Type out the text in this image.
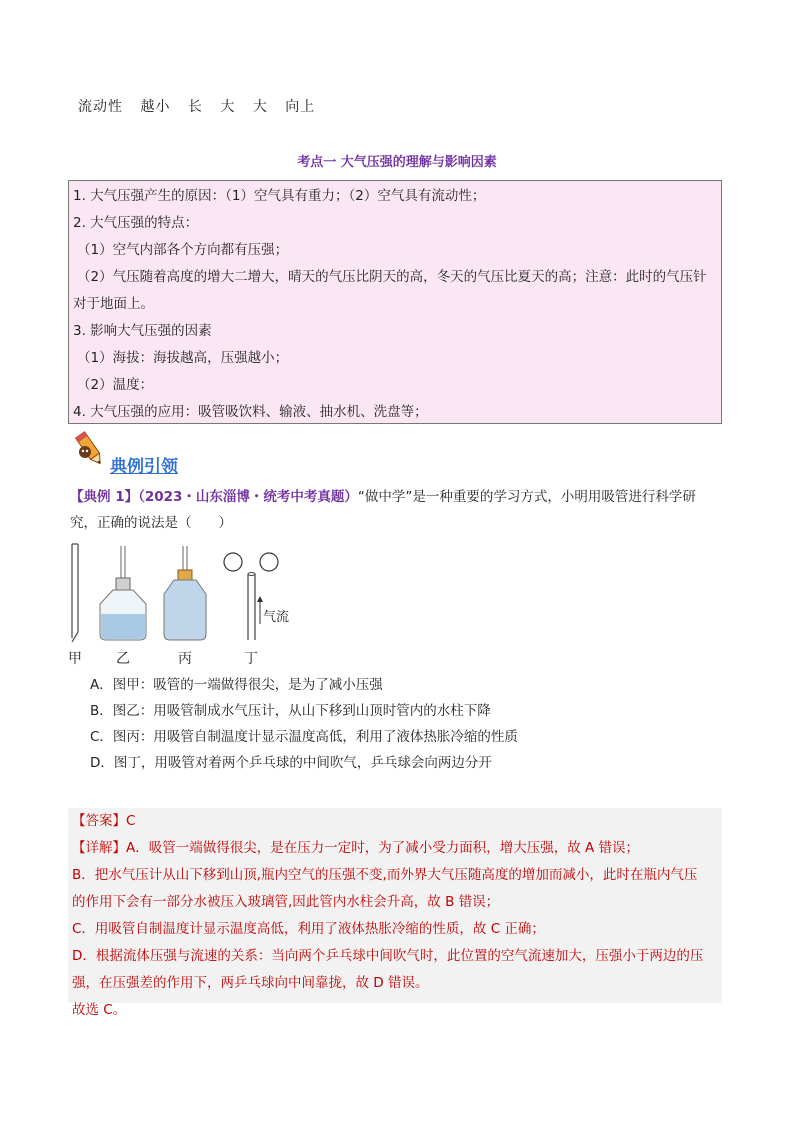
流动性 越小 长 大 大 向上
考点一 大气压强的理解与影响因素

1. 大气压强产生的原因：（1）空气具有重力；（2）空气具有流动性；

2. 大气压强的特点：

（1）空气内部各个方向都有压强；

（2）气压随着高度的增大二增大，晴天的气压比阴天的高，冬天的气压比夏天的高；注意：此时的气压针

对于地面上。

3. 影响大气压强的因素

（1）海拔：海拔越高，压强越小；

（2）温度：

4. 大气压强的应用：吸管吸饮料、输液、抽水机、洗盘等；

典例引领
【典例 1】（2023・山东淄博・统考中考真题）“做中学”是一种重要的学习方式，小明用吸管进行科学研
究，正确的说法是（　　）
气流
甲 乙	丙	丁
A．图甲：吸管的一端做得很尖，是为了减小压强
B．图乙：用吸管制成水气压计，从山下移到山顶时管内的水柱下降
C．图丙：用吸管自制温度计显示温度高低，利用了液体热胀冷缩的性质
D．图丁，用吸管对着两个乒乓球的中间吹气，乒乓球会向两边分开
【答案】C
【详解】A．吸管一端做得很尖，是在压力一定时，为了减小受力面积，增大压强，故 A 错误；
B．把水气压计从山下移到山顶,瓶内空气的压强不变,而外界大气压随高度的增加而减小，此时在瓶内气压
的作用下会有一部分水被压入玻璃管,因此管内水柱会升高，故 B 错误；
C．用吸管自制温度计显示温度高低，利用了液体热胀冷缩的性质，故 C 正确；
D．根据流体压强与流速的关系：当向两个乒乓球中间吹气时，此位置的空气流速加大，压强小于两边的压
强，在压强差的作用下，两乒乓球向中间靠拢，故 D 错误。
故选 C。
